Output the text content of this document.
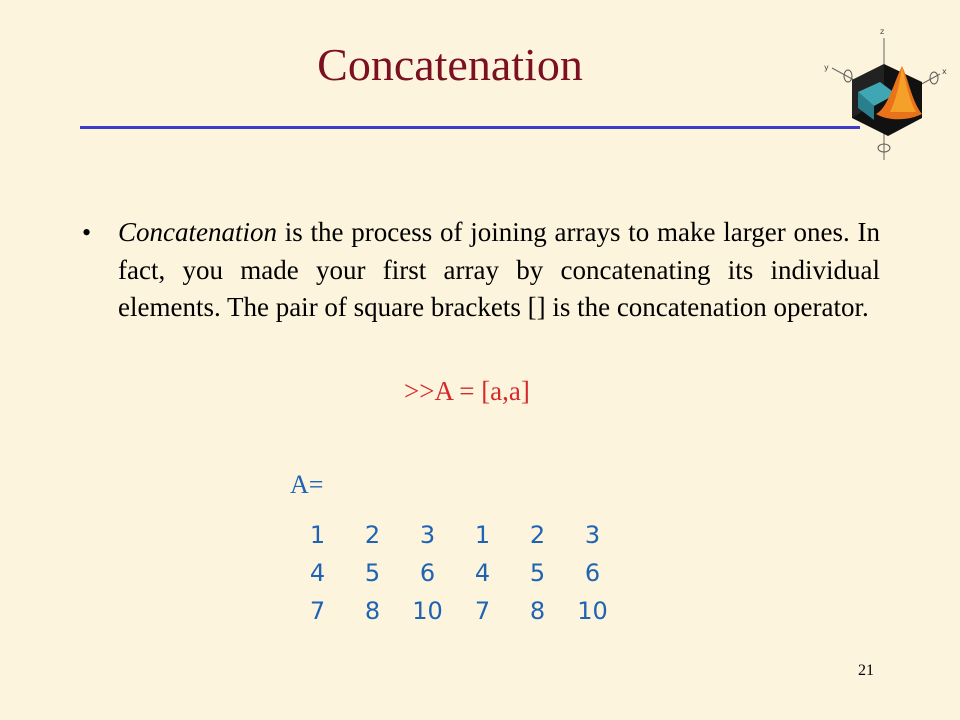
Concatenation
z
y	x
• Concatenation is the process of joining arrays to make larger ones. In fact, you made your first array by concatenating its individual elements. The pair of square brackets [] is the concatenation operator.
>>A = [a,a]
A=
1	2	3	1	2	3
4	5	6	4	5	6
7	8	10	7	8	10
21
